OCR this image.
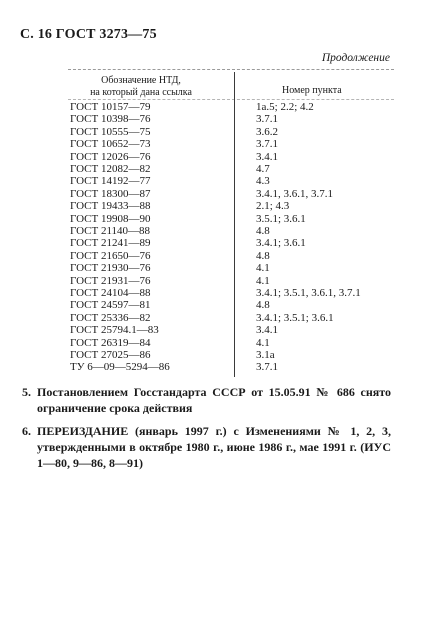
С. 16 ГОСТ 3273—75
Продолжение
Обозначение НТД,
на который дана ссылка	Номер пункта
ГОСТ 10157—79	1а.5; 2.2; 4.2
ГОСТ 10398—76	3.7.1
ГОСТ 10555—75	3.6.2
ГОСТ 10652—73	3.7.1
ГОСТ 12026—76	3.4.1
ГОСТ 12082—82	4.7
ГОСТ 14192—77	4.3
ГОСТ 18300—87	3.4.1, 3.6.1, 3.7.1
ГОСТ 19433—88	2.1; 4.3
ГОСТ 19908—90	3.5.1; 3.6.1
ГОСТ 21140—88	4.8
ГОСТ 21241—89	3.4.1; 3.6.1
ГОСТ 21650—76	4.8
ГОСТ 21930—76	4.1
ГОСТ 21931—76	4.1
ГОСТ 24104—88	3.4.1; 3.5.1, 3.6.1, 3.7.1
ГОСТ 24597—81	4.8
ГОСТ 25336—82	3.4.1; 3.5.1; 3.6.1
ГОСТ 25794.1—83	3.4.1
ГОСТ 26319—84	4.1
ГОСТ 27025—86	3.1а
ТУ 6—09—5294—86	3.7.1
5. Постановлением Госстандарта СССР от 15.05.91 № 686 снято ограничение срока действия
6. ПЕРЕИЗДАНИЕ (январь 1997 г.) с Изменениями № 1, 2, 3, утвержденными в октябре 1980 г., июне 1986 г., мае 1991 г. (ИУС 1—80, 9—86, 8—91)
